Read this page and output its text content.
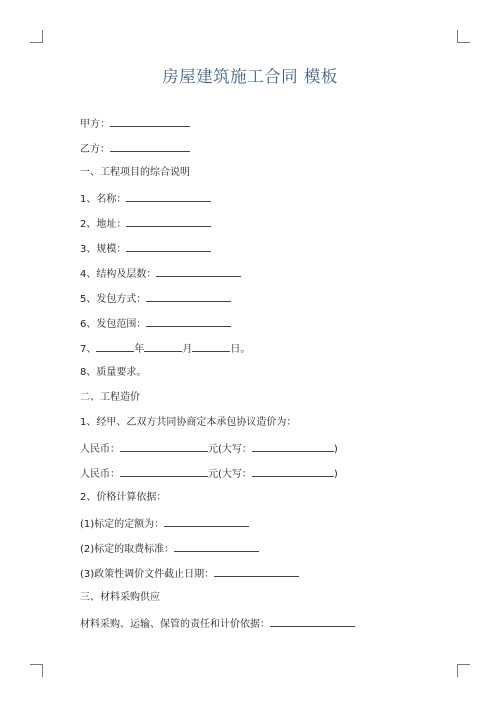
房屋建筑施工合同 模板
甲方：
乙方：
一、工程项目的综合说明
1、名称：
2、地址：
3、规模：
4、结构及层数：
5、发包方式：
6、发包范围：
7、	年	月	日。
8、质量要求。
二、工程造价
1、经甲、乙双方共同协商定本承包协议造价为：
人民币：	元(大写：	)
人民币：	元(大写：	)
2、价格计算依据：
(1)标定的定额为：
(2)标定的取费标准：
(3)政策性调价文件截止日期：
三、材料采购供应
材料采购、运输、保管的责任和计价依据：
